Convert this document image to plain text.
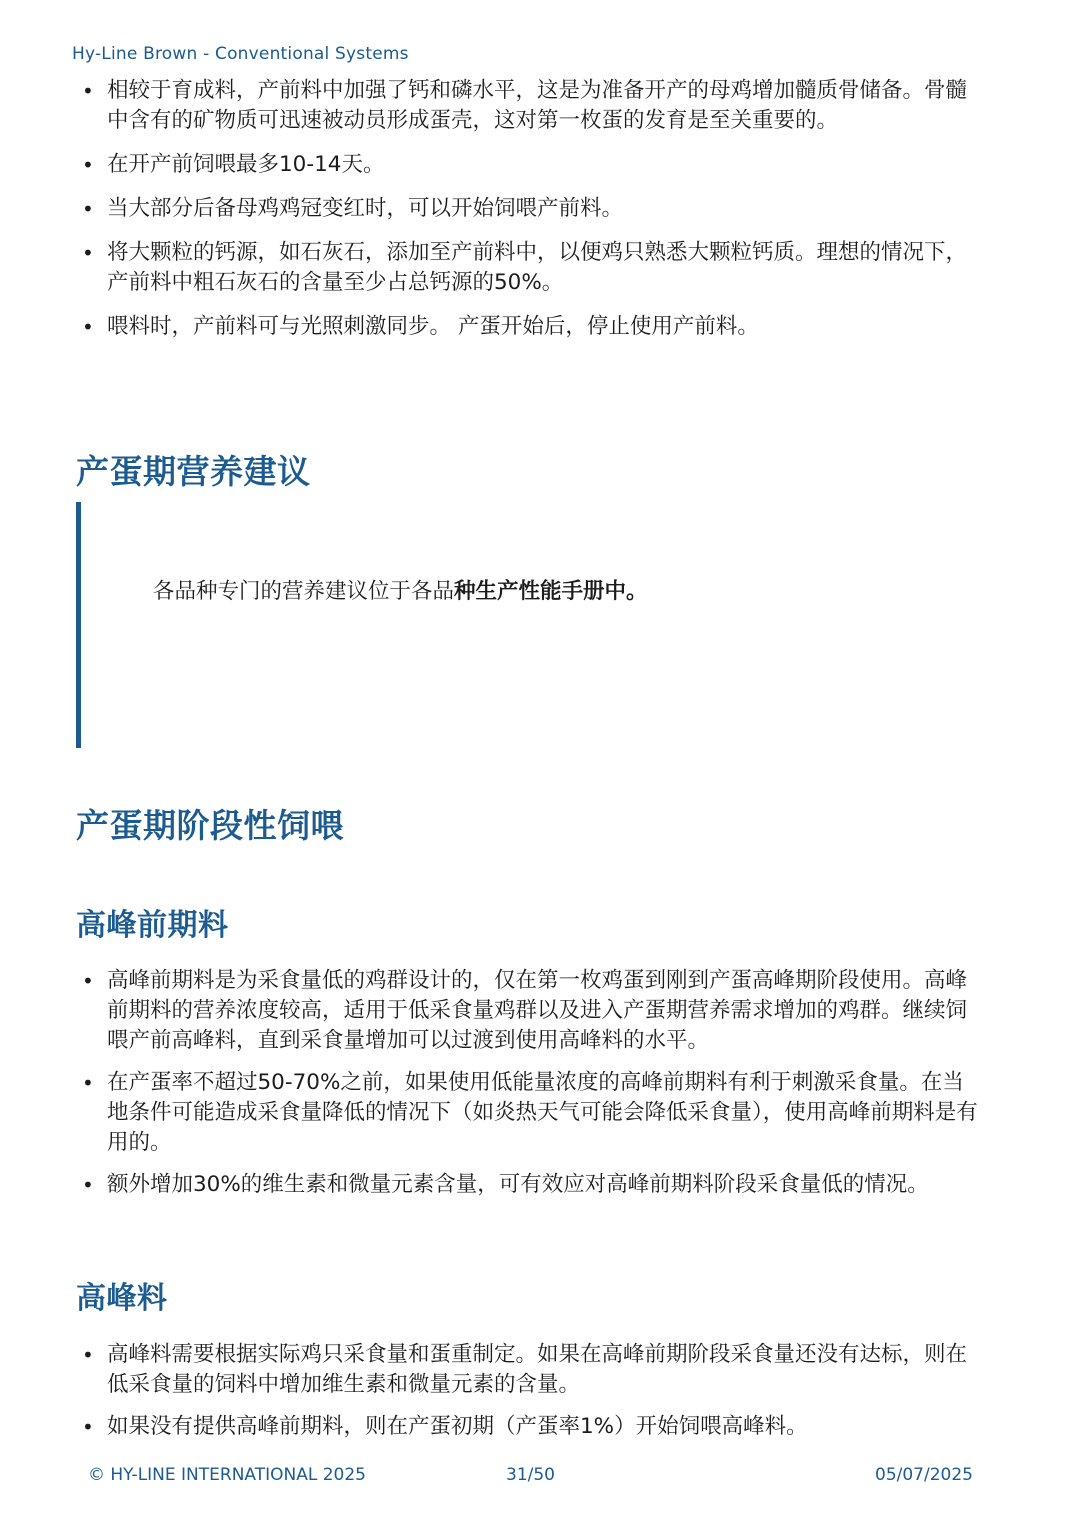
Hy-Line Brown - Conventional Systems
• 相较于育成料，产前料中加强了钙和磷水平，这是为准备开产的母鸡增加髓质骨储备。骨髓中含有的矿物质可迅速被动员形成蛋壳，这对第一枚蛋的发育是至关重要的。
• 在开产前饲喂最多10-14天。
• 当大部分后备母鸡鸡冠变红时，可以开始饲喂产前料。
• 将大颗粒的钙源，如石灰石，添加至产前料中，以便鸡只熟悉大颗粒钙质。理想的情况下，产前料中粗石灰石的含量至少占总钙源的50%。
• 喂料时，产前料可与光照刺激同步。 产蛋开始后，停止使用产前料。
产蛋期营养建议
各品种专门的营养建议位于各品种生产性能手册中。
产蛋期阶段性饲喂
高峰前期料
• 高峰前期料是为采食量低的鸡群设计的，仅在第一枚鸡蛋到刚到产蛋高峰期阶段使用。高峰前期料的营养浓度较高，适用于低采食量鸡群以及进入产蛋期营养需求增加的鸡群。继续饲喂产前高峰料，直到采食量增加可以过渡到使用高峰料的水平。
• 在产蛋率不超过50-70%之前，如果使用低能量浓度的高峰前期料有利于刺激采食量。在当地条件可能造成采食量降低的情况下（如炎热天气可能会降低采食量），使用高峰前期料是有用的。
• 额外增加30%的维生素和微量元素含量，可有效应对高峰前期料阶段采食量低的情况。
高峰料
• 高峰料需要根据实际鸡只采食量和蛋重制定。如果在高峰前期阶段采食量还没有达标，则在低采食量的饲料中增加维生素和微量元素的含量。
• 如果没有提供高峰前期料，则在产蛋初期（产蛋率1%）开始饲喂高峰料。
© HY-LINE INTERNATIONAL 2025	31/50	05/07/2025
